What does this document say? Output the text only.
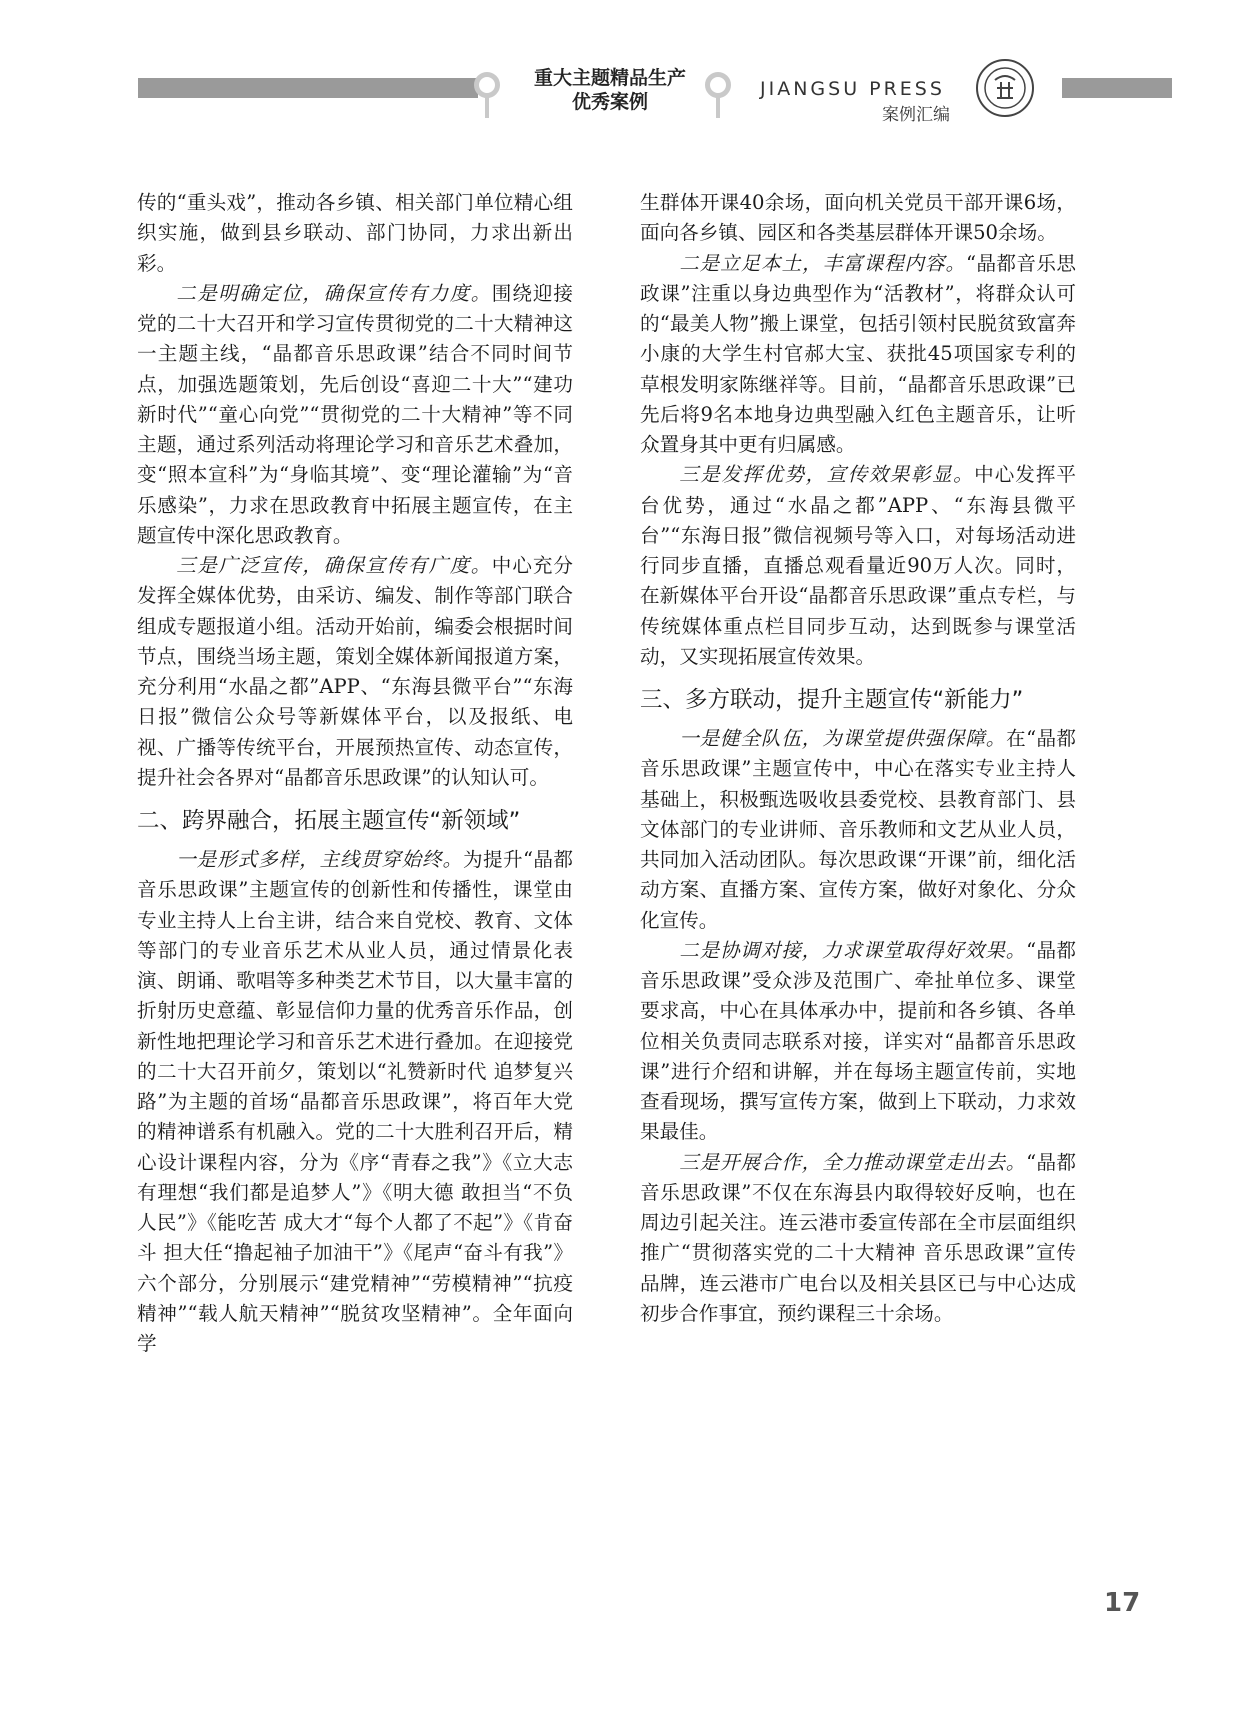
重大主题精品生产
优秀案例
JIANGSU PRESS
案例汇编

传的“重头戏”，推动各乡镇、相关部门单位精心组织实施，做到县乡联动、部门协同，力求出新出彩。

二是明确定位，确保宣传有力度。围绕迎接党的二十大召开和学习宣传贯彻党的二十大精神这一主题主线，“晶都音乐思政课”结合不同时间节点，加强选题策划，先后创设“喜迎二十大”“建功新时代”“童心向党”“贯彻党的二十大精神”等不同主题，通过系列活动将理论学习和音乐艺术叠加，变“照本宣科”为“身临其境”、变“理论灌输”为“音乐感染”，力求在思政教育中拓展主题宣传，在主题宣传中深化思政教育。

三是广泛宣传，确保宣传有广度。中心充分发挥全媒体优势，由采访、编发、制作等部门联合组成专题报道小组。活动开始前，编委会根据时间节点，围绕当场主题，策划全媒体新闻报道方案，充分利用“水晶之都”APP、“东海县微平台”“东海日报”微信公众号等新媒体平台，以及报纸、电视、广播等传统平台，开展预热宣传、动态宣传，提升社会各界对“晶都音乐思政课”的认知认可。

二、跨界融合，拓展主题宣传“新领域”

一是形式多样，主线贯穿始终。为提升“晶都音乐思政课”主题宣传的创新性和传播性，课堂由专业主持人上台主讲，结合来自党校、教育、文体等部门的专业音乐艺术从业人员，通过情景化表演、朗诵、歌唱等多种类艺术节目，以大量丰富的折射历史意蕴、彰显信仰力量的优秀音乐作品，创新性地把理论学习和音乐艺术进行叠加。在迎接党的二十大召开前夕，策划以“礼赞新时代 追梦复兴路”为主题的首场“晶都音乐思政课”，将百年大党的精神谱系有机融入。党的二十大胜利召开后，精心设计课程内容，分为《序“青春之我”》《立大志有理想“我们都是追梦人”》《明大德 敢担当“不负人民”》《能吃苦 成大才“每个人都了不起”》《肯奋斗 担大任“撸起袖子加油干”》《尾声“奋斗有我”》六个部分，分别展示“建党精神”“劳模精神”“抗疫精神”“载人航天精神”“脱贫攻坚精神”。全年面向学

生群体开课40余场，面向机关党员干部开课6场，面向各乡镇、园区和各类基层群体开课50余场。

二是立足本土，丰富课程内容。“晶都音乐思政课”注重以身边典型作为“活教材”，将群众认可的“最美人物”搬上课堂，包括引领村民脱贫致富奔小康的大学生村官郝大宝、获批45项国家专利的草根发明家陈继祥等。目前，“晶都音乐思政课”已先后将9名本地身边典型融入红色主题音乐，让听众置身其中更有归属感。

三是发挥优势，宣传效果彰显。中心发挥平台优势，通过“水晶之都”APP、“东海县微平台”“东海日报”微信视频号等入口，对每场活动进行同步直播，直播总观看量近90万人次。同时，在新媒体平台开设“晶都音乐思政课”重点专栏，与传统媒体重点栏目同步互动，达到既参与课堂活动，又实现拓展宣传效果。

三、多方联动，提升主题宣传“新能力”

一是健全队伍，为课堂提供强保障。在“晶都音乐思政课”主题宣传中，中心在落实专业主持人基础上，积极甄选吸收县委党校、县教育部门、县文体部门的专业讲师、音乐教师和文艺从业人员，共同加入活动团队。每次思政课“开课”前，细化活动方案、直播方案、宣传方案，做好对象化、分众化宣传。

二是协调对接，力求课堂取得好效果。“晶都音乐思政课”受众涉及范围广、牵扯单位多、课堂要求高，中心在具体承办中，提前和各乡镇、各单位相关负责同志联系对接，详实对“晶都音乐思政课”进行介绍和讲解，并在每场主题宣传前，实地查看现场，撰写宣传方案，做到上下联动，力求效果最佳。

三是开展合作，全力推动课堂走出去。“晶都音乐思政课”不仅在东海县内取得较好反响，也在周边引起关注。连云港市委宣传部在全市层面组织推广“贯彻落实党的二十大精神 音乐思政课”宣传品牌，连云港市广电台以及相关县区已与中心达成初步合作事宜，预约课程三十余场。

17
